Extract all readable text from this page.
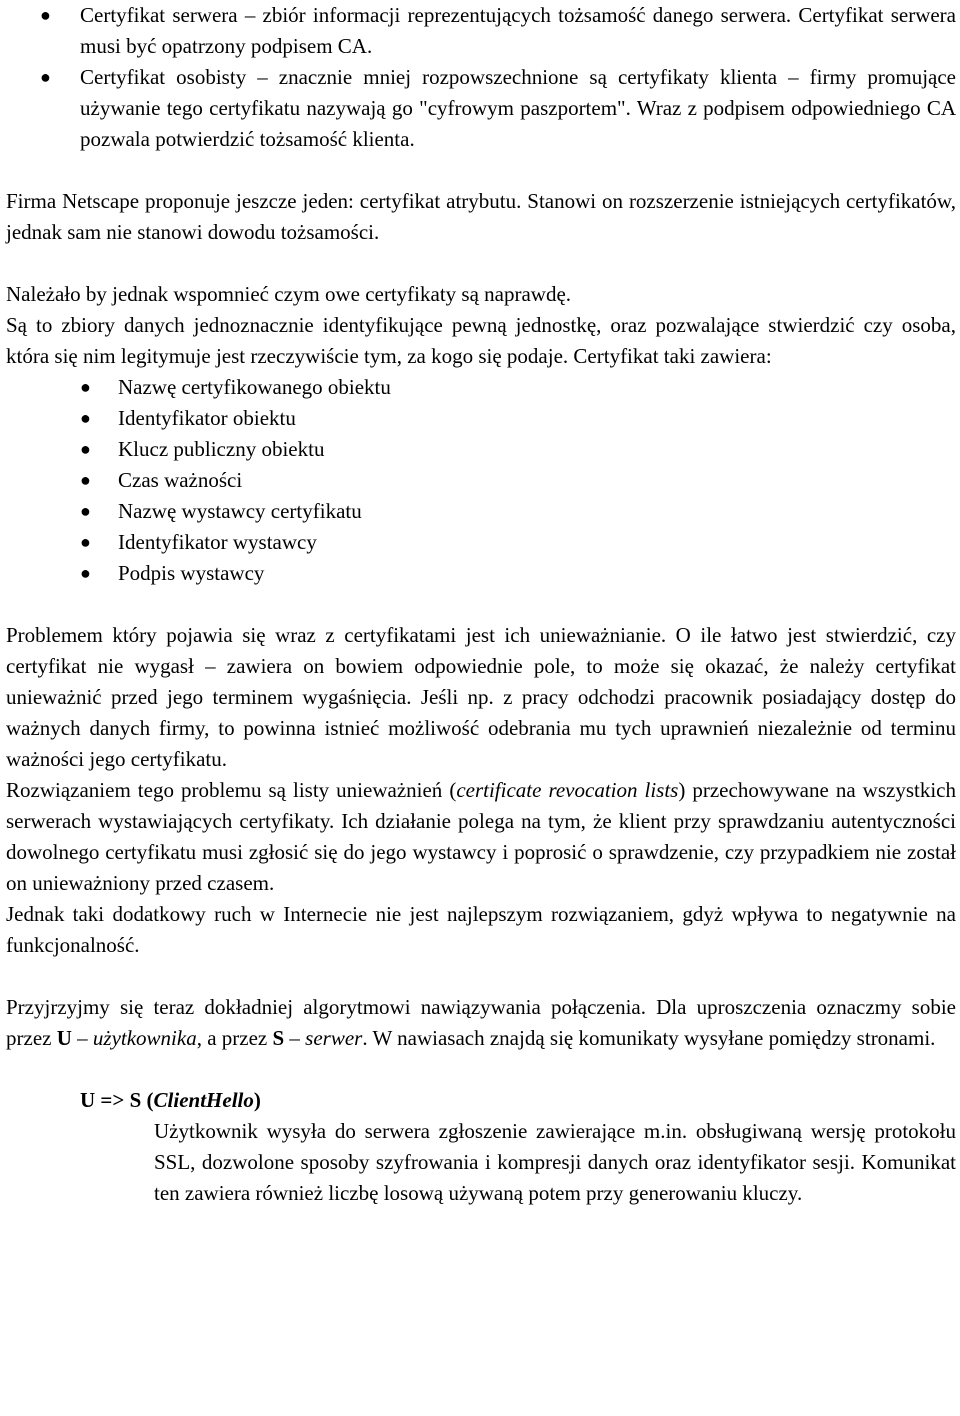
● Certyfikat serwera – zbiór informacji reprezentujących tożsamość danego serwera. Certyfikat serwera musi być opatrzony podpisem CA.
● Certyfikat osobisty – znacznie mniej rozpowszechnione są certyfikaty klienta – firmy promujące używanie tego certyfikatu nazywają go "cyfrowym paszportem". Wraz z podpisem odpowiedniego CA pozwala potwierdzić tożsamość klienta.

Firma Netscape proponuje jeszcze jeden: certyfikat atrybutu. Stanowi on rozszerzenie istniejących certyfikatów, jednak sam nie stanowi dowodu tożsamości.

Należało by jednak wspomnieć czym owe certyfikaty są naprawdę.

Są to zbiory danych jednoznacznie identyfikujące pewną jednostkę, oraz pozwalające stwierdzić czy osoba, która się nim legitymuje jest rzeczywiście tym, za kogo się podaje. Certyfikat taki zawiera:

● Nazwę certyfikowanego obiektu
● Identyfikator obiektu
● Klucz publiczny obiektu
● Czas ważności
● Nazwę wystawcy certyfikatu
● Identyfikator wystawcy
● Podpis wystawcy

Problemem który pojawia się wraz z certyfikatami jest ich unieważnianie. O ile łatwo jest stwierdzić, czy certyfikat nie wygasł – zawiera on bowiem odpowiednie pole, to może się okazać, że należy certyfikat unieważnić przed jego terminem wygaśnięcia. Jeśli np. z pracy odchodzi pracownik posiadający dostęp do ważnych danych firmy, to powinna istnieć możliwość odebrania mu tych uprawnień niezależnie od terminu ważności jego certyfikatu.

Rozwiązaniem tego problemu są listy unieważnień (certificate revocation lists) przechowywane na wszystkich serwerach wystawiających certyfikaty. Ich działanie polega na tym, że klient przy sprawdzaniu autentyczności dowolnego certyfikatu musi zgłosić się do jego wystawcy i poprosić o sprawdzenie, czy przypadkiem nie został on unieważniony przed czasem.

Jednak taki dodatkowy ruch w Internecie nie jest najlepszym rozwiązaniem, gdyż wpływa to negatywnie na funkcjonalność.

Przyjrzyjmy się teraz dokładniej algorytmowi nawiązywania połączenia. Dla uproszczenia oznaczmy sobie przez U – użytkownika, a przez S – serwer. W nawiasach znajdą się komunikaty wysyłane pomiędzy stronami.

U => S (ClientHello)

Użytkownik wysyła do serwera zgłoszenie zawierające m.in. obsługiwaną wersję protokołu SSL, dozwolone sposoby szyfrowania i kompresji danych oraz identyfikator sesji. Komunikat ten zawiera również liczbę losową używaną potem przy generowaniu kluczy.
